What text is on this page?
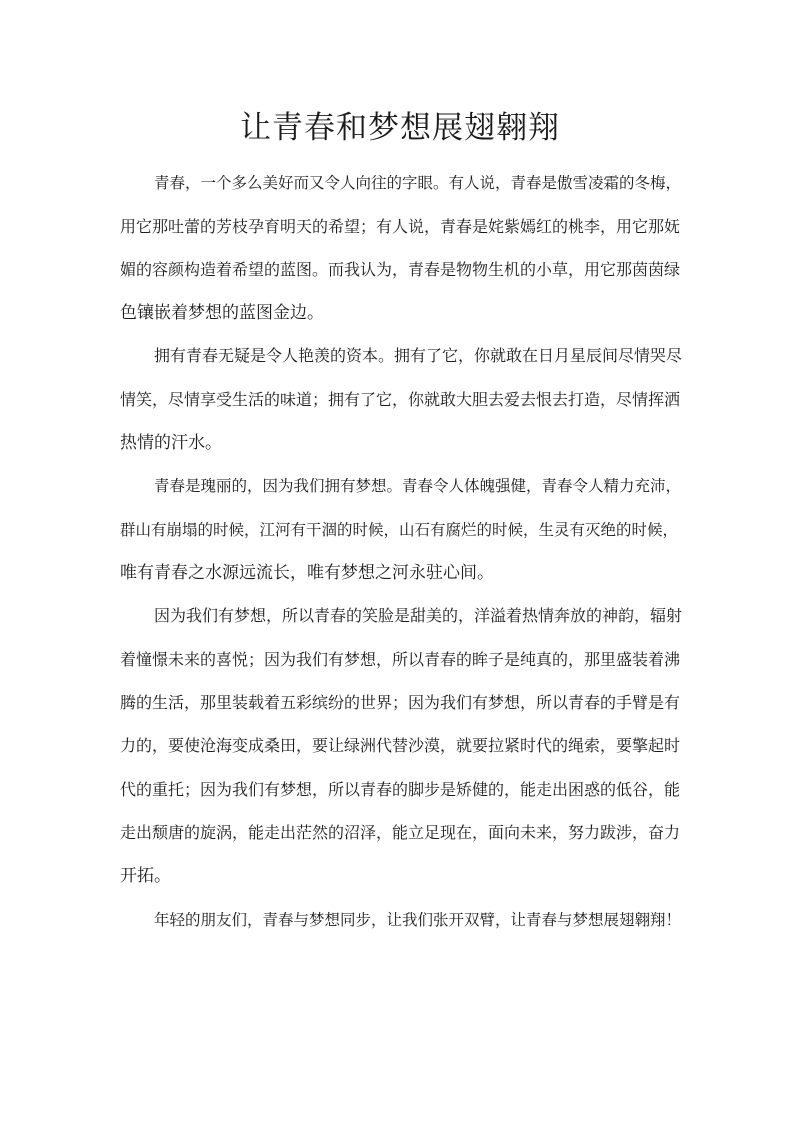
让青春和梦想展翅翱翔

青春，一个多么美好而又令人向往的字眼。有人说，青春是傲雪凌霜的冬梅，

用它那吐蕾的芳枝孕育明天的希望；有人说，青春是姹紫嫣红的桃李，用它那妩

媚的容颜构造着希望的蓝图。而我认为，青春是物物生机的小草，用它那茵茵绿

色镶嵌着梦想的蓝图金边。

拥有青春无疑是令人艳羡的资本。拥有了它，你就敢在日月星辰间尽情哭尽

情笑，尽情享受生活的味道；拥有了它，你就敢大胆去爱去恨去打造，尽情挥洒

热情的汗水。

青春是瑰丽的，因为我们拥有梦想。青春令人体魄强健，青春令人精力充沛，

群山有崩塌的时候，江河有干涸的时候，山石有腐烂的时候，生灵有灭绝的时候，

唯有青春之水源远流长，唯有梦想之河永驻心间。

因为我们有梦想，所以青春的笑脸是甜美的，洋溢着热情奔放的神韵，辐射

着憧憬未来的喜悦；因为我们有梦想，所以青春的眸子是纯真的，那里盛装着沸

腾的生活，那里装载着五彩缤纷的世界；因为我们有梦想，所以青春的手臂是有

力的，要使沧海变成桑田，要让绿洲代替沙漠，就要拉紧时代的绳索，要擎起时

代的重托；因为我们有梦想，所以青春的脚步是矫健的，能走出困惑的低谷，能

走出颓唐的旋涡，能走出茫然的沼泽，能立足现在，面向未来，努力跋涉，奋力

开拓。

年轻的朋友们，青春与梦想同步，让我们张开双臂，让青春与梦想展翅翱翔！
